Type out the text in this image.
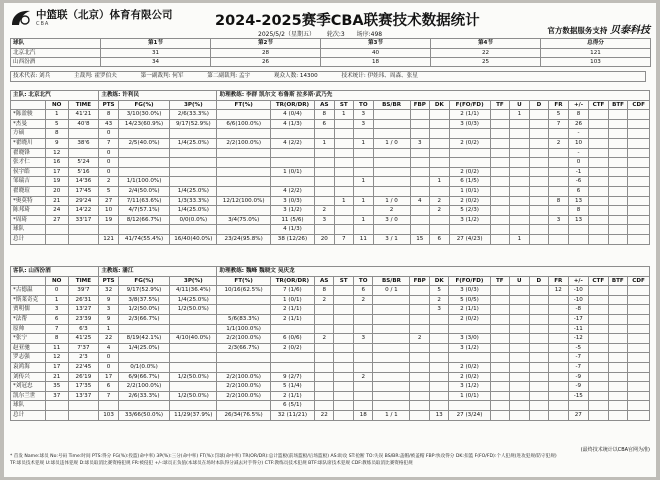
中篮联（北京）体育有限公司
CBA	2024-2025赛季CBA联赛技术数据统计
2025/5/2（星期五） 轮次:3 场序:498	官方数据服务支持 贝泰科技
球队	第1节	第2节	第3节	第4节	总得分
北京北汽	31	28	40	22	121
山西汾酒	34	26	18	25	103
技术代表: 刘兵	主裁判: 霍罗伯夫	第一副裁判: 何军	第二副裁判: 孟宇	观众人数: 14300	技术统计: 伊娃玮、周森、张星
主队: 北京北汽			主教练: 许利民			助理教练: 李群 凯尔文 布鲁斯 拉多斯·武乃先																
	NO	TIME	PTS	FG(%)	3P(%)	FT(%)	TR(OR/DR)	AS	ST	TO	BS/BR	FBP	DK	F(FO/FD)	TF	U	D	FR	+/-	CTF	BTF	CDF
*陈盈骏	1	41'21	8	3/10(30.0%)	2/6(33.3%)		4 (0/4)	8	1	3				2 (1/1)		1		5	8			
*杰曼	5	40'8	43	14/23(60.9%)	9/17(52.9%)	6/6(100.0%)	4 (1/3)	6		3				3 (0/3)				7	26			
方硕	8		0																-			
*翟晓川	9	38'6	7	2/5(40.0%)	1/4(25.0%)	2/2(100.0%)	4 (2/2)	1		1	1 / 0	3		2 (0/2)				2	10			
翟晓锋	12		0																-			
张才仁	16	5'24	0																0			
侯宇皓	17	5'16	0				1 (0/1)							2 (0/2)					-1			
邹瑞吉	19	14'36	2	1/1(100.0%)						1			1	6 (1/5)					-6			
翟晓瑄	20	17'45	5	2/4(50.0%)	1/4(25.0%)		4 (2/2)							1 (0/1)					6			
*奥莫特	21	29'24	27	7/11(63.6%)	1/3(33.3%)	12/12(100.0%)	3 (0/3)		1	1	1 / 0	4	2	2 (0/2)				8	13			
陈邦琦	24	14'22	10	4/7(57.1%)	1/4(25.0%)		3 (1/2)	2			2		2	5 (2/3)					8			
*周琦	27	33'17	19	8/12(66.7%)	0/0(0.0%)	3/4(75.0%)	11 (5/6)	3		1	3 / 0			3 (1/2)				3	13			
球队							4 (1/3)															
总计			121	41/74(55.4%)	16/40(40.0%)	23/24(95.8%)	38 (12/26)	20	7	11	3 / 1	15	6	27 (4/23)		1						
客队: 山西汾酒			主教练: 潘江			助理教练: 魏峰 魏晓文 吴庆龙																
	NO	TIME	PTS	FG(%)	3P(%)	FT(%)	TR(OR/DR)	AS	ST	TO	BS/BR	FBP	DK	F(FO/FD)	TF	U	D	FR	+/-	CTF	BTF	CDF
*古德温	0	39'7	32	9/17(52.9%)	4/11(36.4%)	10/16(62.5%)	7 (1/6)	8		6	0 / 1		5	3 (0/3)				12	-10			
*斯莱奇克	1	26'31	9	3/8(37.5%)	1/4(25.0%)		1 (0/1)	2		2			2	5 (0/5)					-10			
贾明儒	3	13'27	3	1/2(50.0%)	1/2(50.0%)		2 (1/1)						3	2 (1/1)					-8			
*法帮	6	23'39	9	2/3(66.7%)		5/6(83.3%)	2 (1/1)							2 (0/2)					-17			
原帅	7	6'3	1			1/1(100.0%)													-11			
*张宁	8	41'25	22	8/19(42.1%)	4/10(40.0%)	2/2(100.0%)	6 (0/6)	2		3		2		3 (3/0)					-12			
赵亚驰	11	7'37	4	1/4(25.0%)		2/3(66.7%)	2 (0/2)							3 (1/2)					-5			
罗志强	12	2'3	0																-7			
袁鸿海	17	22'45	0	0/1(0.0%)										2 (0/2)					-7			
刘传兴	21	26'19	17	6/9(66.7%)	1/2(50.0%)	2/2(100.0%)	9 (2/7)			2				2 (0/2)					-9			
*刘冠忠	35	17'35	6	2/2(100.0%)		2/2(100.0%)	5 (1/4)							3 (1/2)					-9			
凯尔兰世	37	13'37	7	2/6(33.3%)	1/2(50.0%)	2/2(100.0%)	2 (1/1)							1 (0/1)					-15			
球队							6 (5/1)															
总计			103	33/66(50.0%)	11/29(37.9%)	26/34(76.5%)	32 (11/21)	22		18	1 / 1		13	27 (3/24)					27			
(最终技术统计以CBA官网为准)
* 首发 Name:球员 No:号码 Time:时间 PTS:得分 FG(%):投篮(命中率) 3P(%):三分(命中率) FT(%):罚球(命中率) TR(OR/DR):总计篮板(前场篮板/后场篮板) AS:助攻 ST:抢断 TO:失误 BS/BR:盖帽/被盖帽 FBP:快攻得分 DK:扣篮 F(FO/FD):个人犯规(进攻犯规/防守犯规)
TF:球员技术犯规 U:球员违体犯规 D:球员取消比赛资格犯规 FR:被侵犯 +/-:球员正负值(本球员在场时本队得分减去对手得分) CTF:教练员技术犯规 BTF:球队席技术犯规 CDF:教练员取消比赛资格犯规
